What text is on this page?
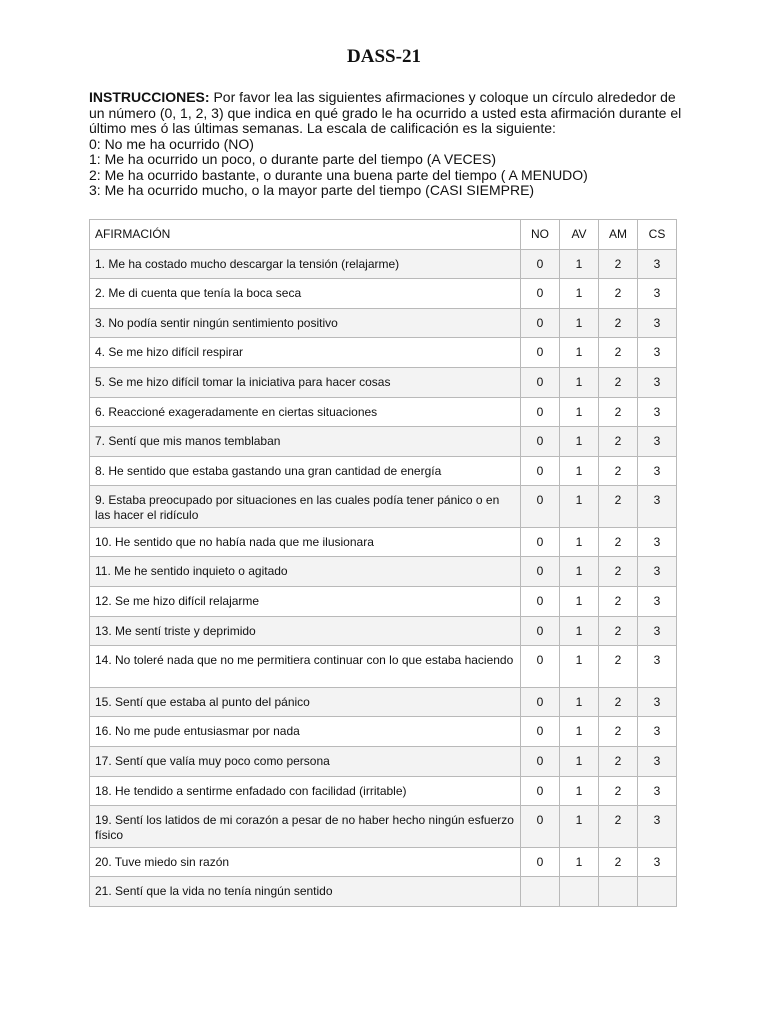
DASS-21

INSTRUCCIONES: Por favor lea las siguientes afirmaciones y coloque un círculo alrededor de un número (0, 1, 2, 3) que indica en qué grado le ha ocurrido a usted esta afirmación durante el último mes ó las últimas semanas. La escala de calificación es la siguiente:

0: No me ha ocurrido (NO)

1: Me ha ocurrido un poco, o durante parte del tiempo (A VECES)

2: Me ha ocurrido bastante, o durante una buena parte del tiempo ( A MENUDO)

3: Me ha ocurrido mucho, o la mayor parte del tiempo (CASI SIEMPRE)

AFIRMACIÓN	NO	AV	AM	CS
1. Me ha costado mucho descargar la tensión (relajarme)	0	1	2	3
2. Me di cuenta que tenía la boca seca	0	1	2	3
3. No podía sentir ningún sentimiento positivo	0	1	2	3
4. Se me hizo difícil respirar	0	1	2	3
5. Se me hizo difícil tomar la iniciativa para hacer cosas	0	1	2	3
6. Reaccioné exageradamente en ciertas situaciones	0	1	2	3
7. Sentí que mis manos temblaban	0	1	2	3
8. He sentido que estaba gastando una gran cantidad de energía	0	1	2	3
9. Estaba preocupado por situaciones en las cuales podía tener pánico o en las hacer el ridículo	0	1	2	3
10. He sentido que no había nada que me ilusionara	0	1	2	3
11. Me he sentido inquieto o agitado	0	1	2	3
12. Se me hizo difícil relajarme	0	1	2	3
13. Me sentí triste y deprimido	0	1	2	3
14. No toleré nada que no me permitiera continuar con lo que estaba haciendo	0	1	2	3
15. Sentí que estaba al punto del pánico	0	1	2	3
16. No me pude entusiasmar por nada	0	1	2	3
17. Sentí que valía muy poco como persona	0	1	2	3
18. He tendido a sentirme enfadado con facilidad (irritable)	0	1	2	3
19. Sentí los latidos de mi corazón a pesar de no haber hecho ningún esfuerzo físico	0	1	2	3
20. Tuve miedo sin razón	0	1	2	3
21. Sentí que la vida no tenía ningún sentido				
